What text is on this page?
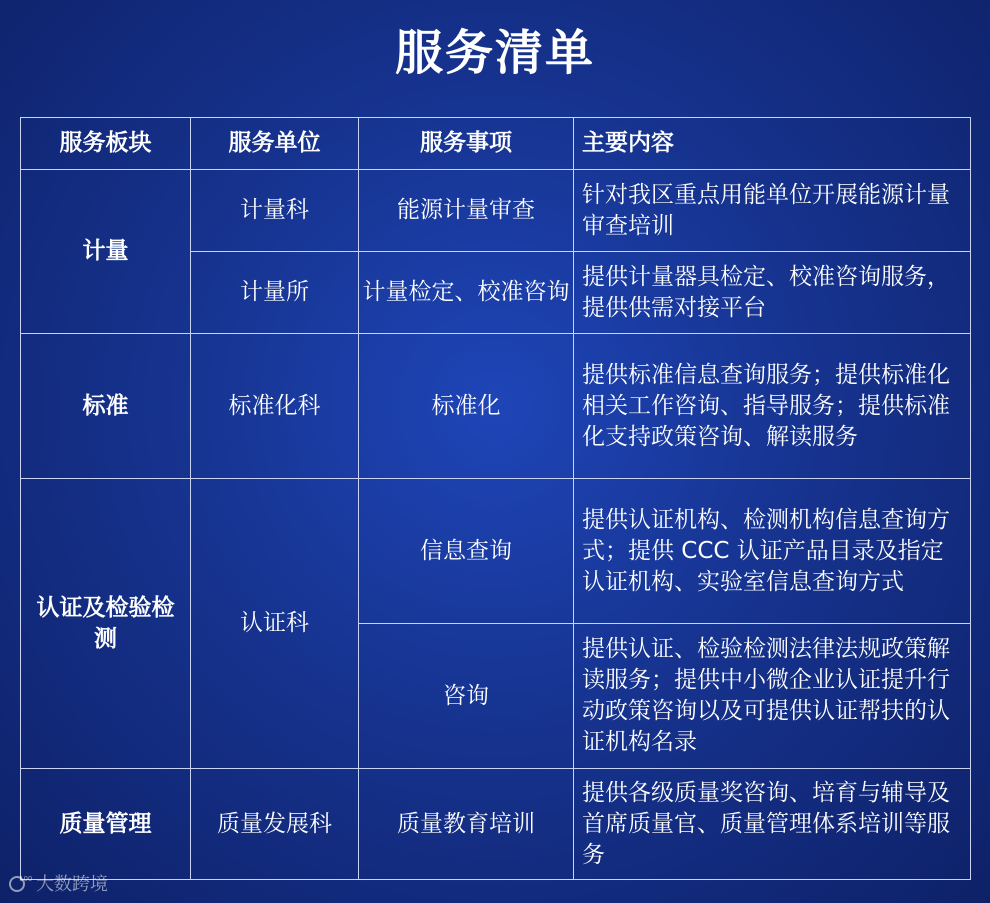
服务清单
服务板块	服务单位	服务事项	主要内容
计量	计量科	能源计量审查	针对我区重点用能单位开展能源计量审查培训
	计量所	计量检定、校准咨询	提供计量器具检定、校准咨询服务，提供供需对接平台
标准	标准化科	标准化	提供标准信息查询服务；提供标准化相关工作咨询、指导服务；提供标准化支持政策咨询、解读服务
认证及检验检测	认证科	信息查询	提供认证机构、检测机构信息查询方式；提供 CCC 认证产品目录及指定认证机构、实验室信息查询方式
		咨询	提供认证、检验检测法律法规政策解读服务；提供中小微企业认证提升行动政策咨询以及可提供认证帮扶的认证机构名录
质量管理	质量发展科	质量教育培训	提供各级质量奖咨询、培育与辅导及首席质量官、质量管理体系培训等服务
100 大数跨境
